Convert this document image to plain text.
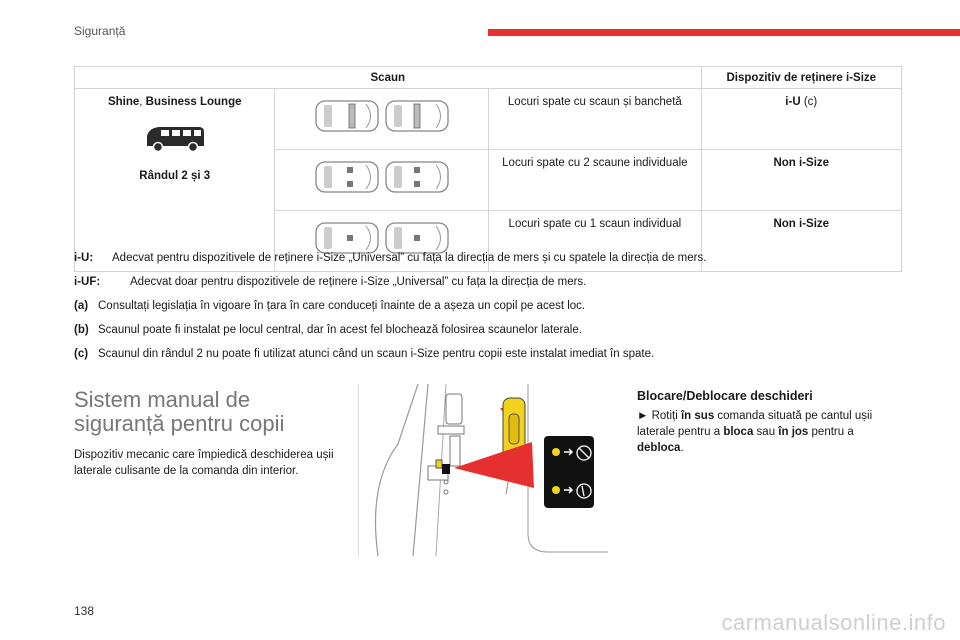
Siguranță
Scaun			Dispozitiv de reținere i-Size
Shine, Business Lounge
Rândul 2 și 3		Locuri spate cu scaun și banchetă	i-U (c)

	Locuri spate cu 2 scaune individuale	Non i-Size

	Locuri spate cu 1 scaun individual	Non i-Size
i-U: Adecvat pentru dispozitivele de reținere i-Size „Universal” cu fața la direcția de mers și cu spatele la direcția de mers.
i-UF:	Adecvat doar pentru dispozitivele de reținere i-Size „Universal” cu fața la direcția de mers.
(a) Consultați legislația în vigoare în țara în care conduceți înainte de a așeza un copil pe acest loc.
(b) Scaunul poate fi instalat pe locul central, dar în acest fel blochează folosirea scaunelor laterale.
(c) Scaunul din rândul 2 nu poate fi utilizat atunci când un scaun i-Size pentru copii este instalat imediat în spate.
Sistem manual de
siguranță pentru copii
Dispozitiv mecanic care împiedică deschiderea ușii laterale culisante de la comanda din interior.
Blocare/Deblocare deschideri
► Rotiți în sus comanda situată pe cantul ușii laterale pentru a bloca sau în jos pentru a debloca.
138	carmanualsonline.info
